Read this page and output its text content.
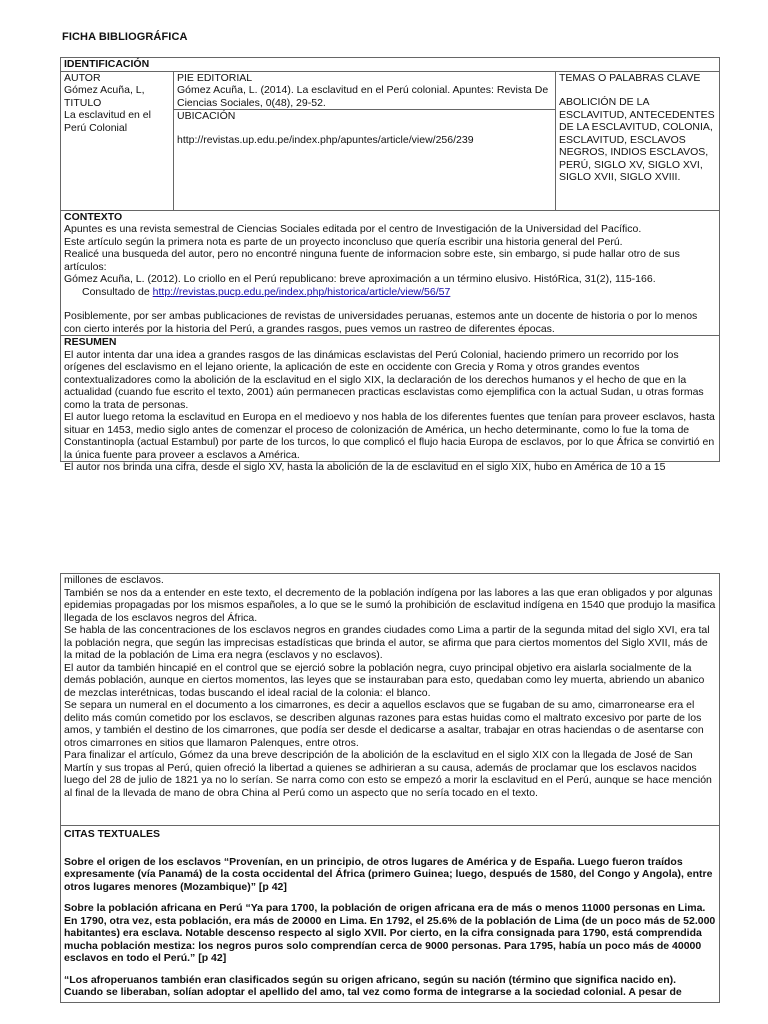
FICHA BIBLIOGRÁFICA
IDENTIFICACIÓN

AUTOR

Gómez Acuña, L,

TITULO

La esclavitud en el Perú Colonial

PIE EDITORIAL

Gómez Acuña, L. (2014). La esclavitud en el Perú colonial. Apuntes: Revista De Ciencias Sociales, 0(48), 29-52.

UBICACIÓN

http://revistas.up.edu.pe/index.php/apuntes/article/view/256/239

TEMAS O PALABRAS CLAVE

ABOLICIÓN DE LA ESCLAVITUD, ANTECEDENTES DE LA ESCLAVITUD, COLONIA, ESCLAVITUD, ESCLAVOS NEGROS, INDIOS ESCLAVOS, PERÚ, SIGLO XV, SIGLO XVI, SIGLO XVII, SIGLO XVIII.

CONTEXTO

Apuntes es una revista semestral de Ciencias Sociales editada por el centro de Investigación de la Universidad del Pacífico.

Este artículo según la primera nota es parte de un proyecto inconcluso que quería escribir una historia general del Perú.

Realicé una busqueda del autor, pero no encontré ninguna fuente de informacion sobre este, sin embargo, si pude hallar otro de sus artículos:

Gómez Acuña, L. (2012). Lo criollo en el Perú republicano: breve aproximación a un término elusivo. HistóRica, 31(2), 115-166.

Consultado de http://revistas.pucp.edu.pe/index.php/historica/article/view/56/57

Posiblemente, por ser ambas publicaciones de revistas de universidades peruanas, estemos ante un docente de historia o por lo menos con cierto interés por la historia del Perú, a grandes rasgos, pues vemos un rastreo de diferentes épocas.

RESUMEN

El autor intenta dar una idea a grandes rasgos de las dinámicas esclavistas del Perú Colonial, haciendo primero un recorrido por los orígenes del esclavismo en el lejano oriente, la aplicación de este en occidente con Grecia y Roma y otros grandes eventos contextualizadores como la abolición de la esclavitud en el siglo XIX, la declaración de los derechos humanos y el hecho de que en la actualidad (cuando fue escrito el texto, 2001) aún permanecen practicas esclavistas como ejemplifica con la actual Sudan, u otras formas como la trata de personas.

El autor luego retoma la esclavitud en Europa en el medioevo y nos habla de los diferentes fuentes que tenían para proveer esclavos, hasta situar en 1453, medio siglo antes de comenzar el proceso de colonización de América, un hecho determinante, como lo fue la toma de Constantinopla (actual Estambul) por parte de los turcos, lo que complicó el flujo hacia Europa de esclavos, por lo que África se convirtió en la única fuente para proveer a esclavos a América.

El autor nos brinda una cifra, desde el siglo XV, hasta la abolición de la de esclavitud en el siglo XIX, hubo en América de 10 a 15

millones de esclavos.

También se nos da a entender en este texto, el decremento de la población indígena por las labores a las que eran obligados y por algunas epidemias propagadas por los mismos españoles, a lo que se le sumó la prohibición de esclavitud indígena en 1540 que produjo la masifica llegada de los esclavos negros del África.

Se habla de las concentraciones de los esclavos negros en grandes ciudades como Lima a partir de la segunda mitad del siglo XVI, era tal la población negra, que según las imprecisas estadísticas que brinda el autor, se afirma que para ciertos momentos del Siglo XVII, más de la mitad de la población de Lima era negra (esclavos y no esclavos).

El autor da también hincapié en el control que se ejerció sobre la población negra, cuyo principal objetivo era aislarla socialmente de la demás población, aunque en ciertos momentos, las leyes que se instauraban para esto, quedaban como ley muerta, abriendo un abanico de mezclas interétnicas, todas buscando el ideal racial de la colonia: el blanco.

Se separa un numeral en el documento a los cimarrones, es decir a aquellos esclavos que se fugaban de su amo, cimarronearse era el delito más común cometido por los esclavos, se describen algunas razones para estas huidas como el maltrato excesivo por parte de los amos, y también el destino de los cimarrones, que podía ser desde el dedicarse a asaltar, trabajar en otras haciendas o de asentarse con otros cimarrones en sitios que llamaron Palenques, entre otros.

Para finalizar el artículo, Gómez da una breve descripción de la abolición de la esclavitud en el siglo XIX con la llegada de José de San Martín y sus tropas al Perú, quien ofreció la libertad a quienes se adhirieran a su causa, además de proclamar que los esclavos nacidos luego del 28 de julio de 1821 ya no lo serían. Se narra como con esto se empezó a morir la esclavitud en el Perú, aunque se hace mención al final de la llevada de mano de obra China al Perú como un aspecto que no sería tocado en el texto.

CITAS TEXTUALES

Sobre el origen de los esclavos “Provenían, en un principio, de otros lugares de América y de España. Luego fueron traídos expresamente (vía Panamá) de la costa occidental del África (primero Guinea; luego, después de 1580, del Congo y Angola), entre otros lugares menores (Mozambique)” [p 42]

Sobre la población africana en Perú “Ya para 1700, la población de origen africana era de más o menos 11000 personas en Lima. En 1790, otra vez, esta población, era más de 20000 en Lima. En 1792, el 25.6% de la población de Lima (de un poco más de 52.000 habitantes) era esclava. Notable descenso respecto al siglo XVII. Por cierto, en la cifra consignada para 1790, está comprendida mucha población mestiza: los negros puros solo comprendían cerca de 9000 personas. Para 1795, había un poco más de 40000 esclavos en todo el Perú.” [p 42]

“Los afroperuanos también eran clasificados según su origen africano, según su nación (término que significa nacido en). Cuando se liberaban, solían adoptar el apellido del amo, tal vez como forma de integrarse a la sociedad colonial. A pesar de
